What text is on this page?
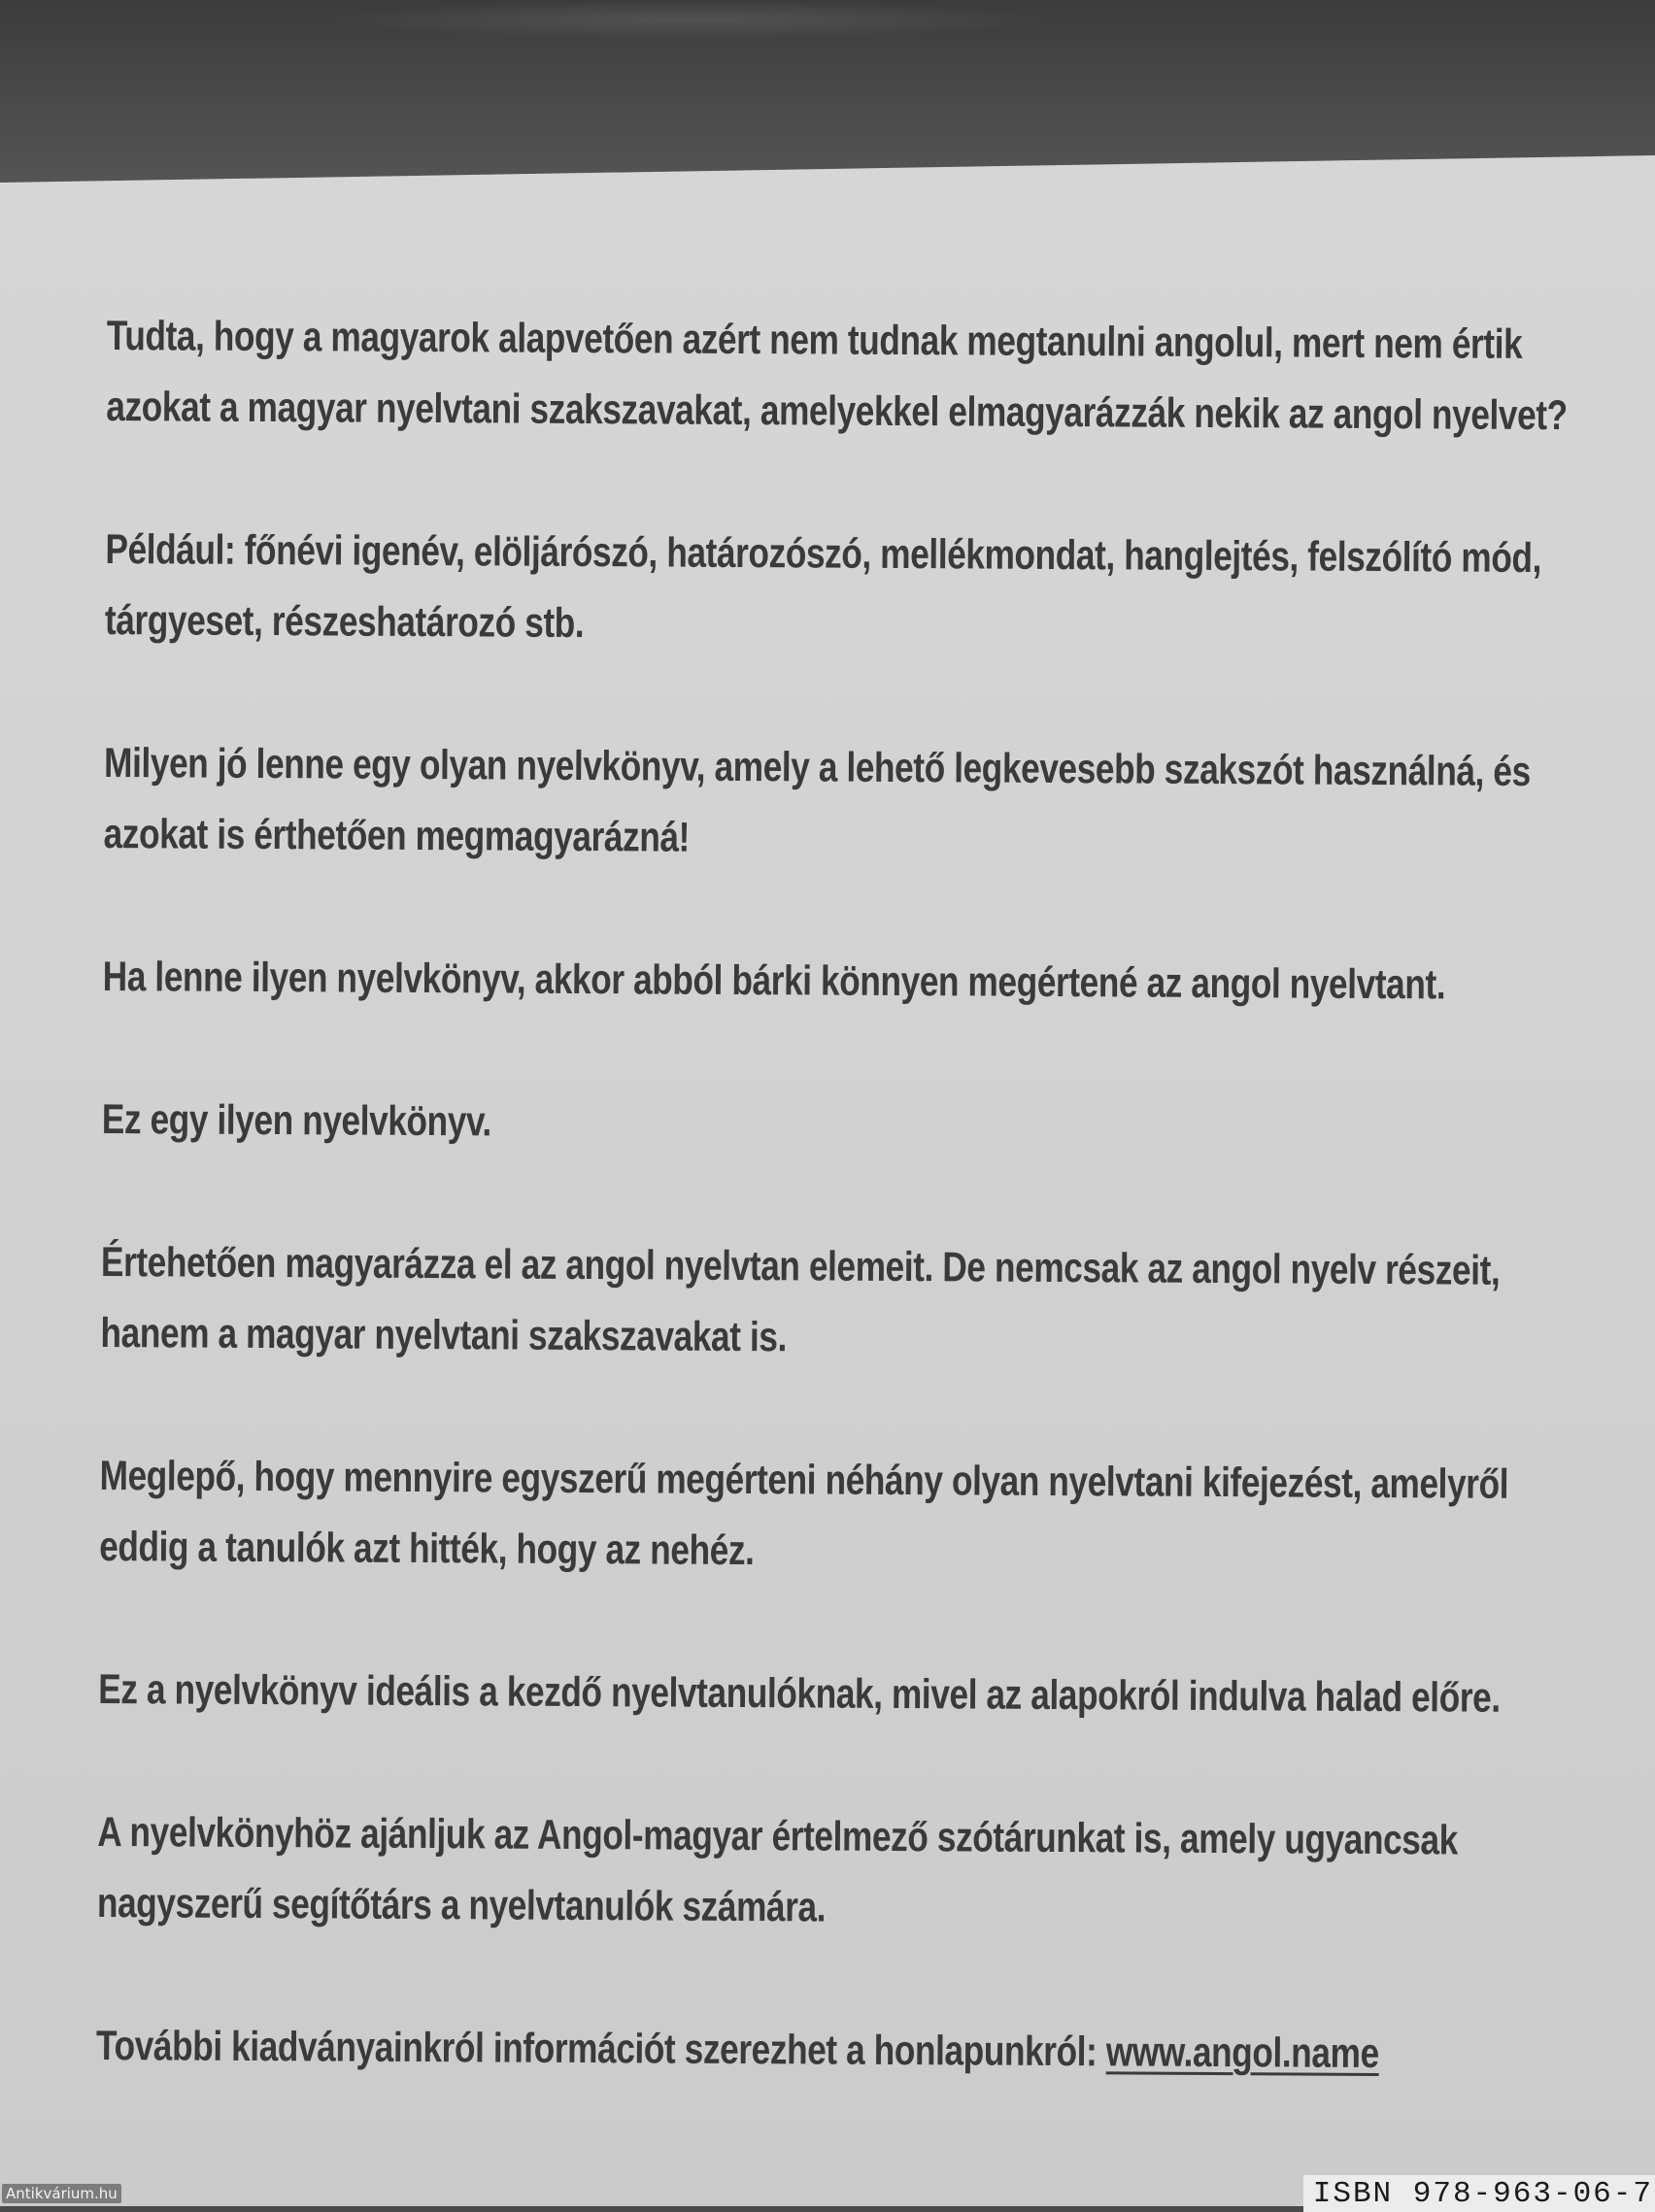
Tudta, hogy a magyarok alapvetően azért nem tudnak megtanulni angolul, mert nem értik azokat a magyar nyelvtani szakszavakat, amelyekkel elmagyarázzák nekik az angol nyelvet?

Például: főnévi igenév, elöljárószó, határozószó, mellékmondat, hanglejtés, felszólító mód, tárgyeset, részeshatározó stb.

Milyen jó lenne egy olyan nyelvkönyv, amely a lehető legkevesebb szakszót használná, és azokat is érthetően megmagyarázná!

Ha lenne ilyen nyelvkönyv, akkor abból bárki könnyen megértené az angol nyelvtant.

Ez egy ilyen nyelvkönyv.

Értehetően magyarázza el az angol nyelvtan elemeit. De nemcsak az angol nyelv részeit, hanem a magyar nyelvtani szakszavakat is.

Meglepő, hogy mennyire egyszerű megérteni néhány olyan nyelvtani kifejezést, amelyről eddig a tanulók azt hitték, hogy az nehéz.

Ez a nyelvkönyv ideális a kezdő nyelvtanulóknak, mivel az alapokról indulva halad előre.

A nyelvkönyhöz ajánljuk az Angol-magyar értelmező szótárunkat is, amely ugyancsak nagyszerű segítőtárs a nyelvtanulók számára.

További kiadványainkról információt szerezhet a honlapunkról: www.angol.name

ISBN 978-963-06-7
Antikvárium.hu
